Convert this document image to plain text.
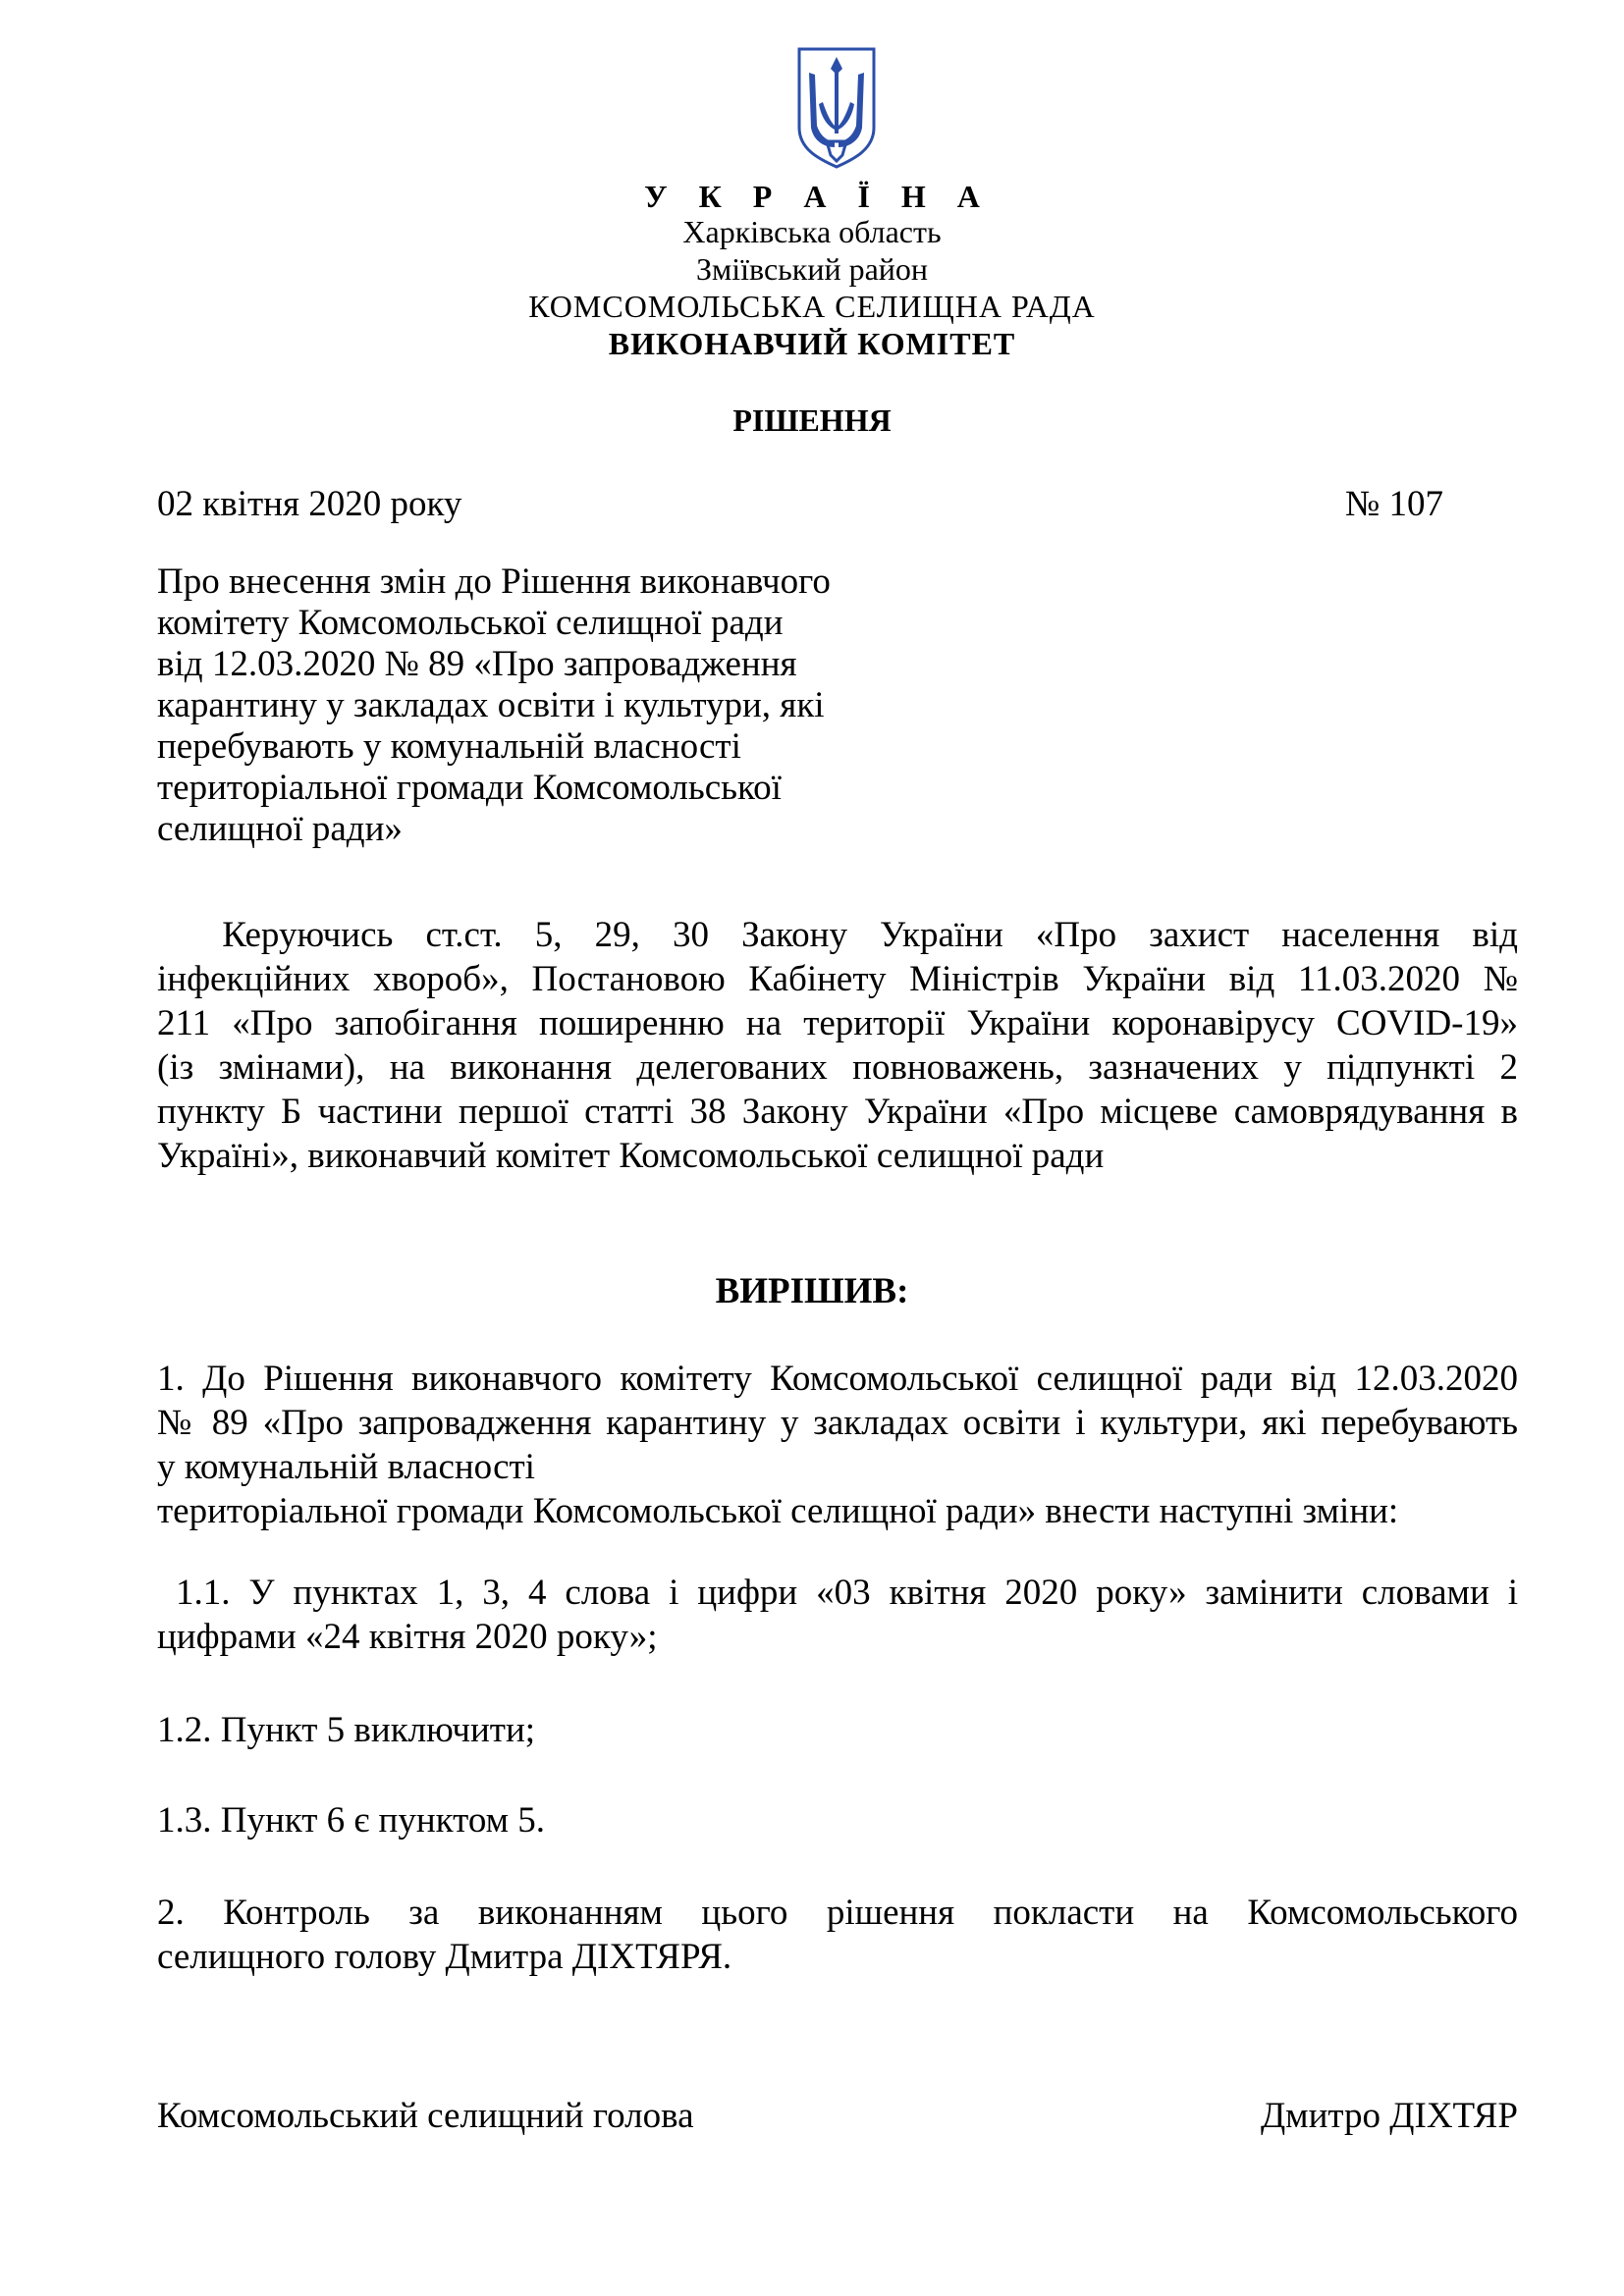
У К Р А Ї Н А
Харківська область
Зміївський район
КОМСОМОЛЬСЬКА СЕЛИЩНА РАДА
ВИКОНАВЧИЙ КОМІТЕТ
РІШЕННЯ
02 квітня 2020 року	№ 107
Про внесення змін до Рішення виконавчого
комітету Комсомольської селищної ради
від 12.03.2020 № 89 «Про запровадження
карантину у закладах освіти і культури, які
перебувають у комунальній власності
територіальної громади Комсомольської
селищної ради»
Керуючись ст.ст. 5, 29, 30 Закону України «Про захист населення від
інфекційних хвороб», Постановою Кабінету Міністрів України від 11.03.2020 №
211 «Про запобігання поширенню на території України коронавірусу COVID-19»
(із змінами), на виконання делегованих повноважень, зазначених у підпункті 2
пункту Б частини першої статті 38 Закону України «Про місцеве самоврядування в
Україні», виконавчий комітет Комсомольської селищної ради
ВИРІШИВ:
1. До Рішення виконавчого комітету Комсомольської селищної ради від 12.03.2020
№ 89 «Про запровадження карантину у закладах освіти і культури, які перебувають
у комунальній власності
територіальної громади Комсомольської селищної ради» внести наступні зміни:
1.1. У пунктах 1, 3, 4 слова і цифри «03 квітня 2020 року» замінити словами і
цифрами «24 квітня 2020 року»;
1.2. Пункт 5 виключити;
1.3. Пункт 6 є пунктом 5.
2. Контроль за виконанням цього рішення покласти на Комсомольського
селищного голову Дмитра ДІХТЯРЯ.
Комсомольський селищний голова	Дмитро ДІХТЯР
